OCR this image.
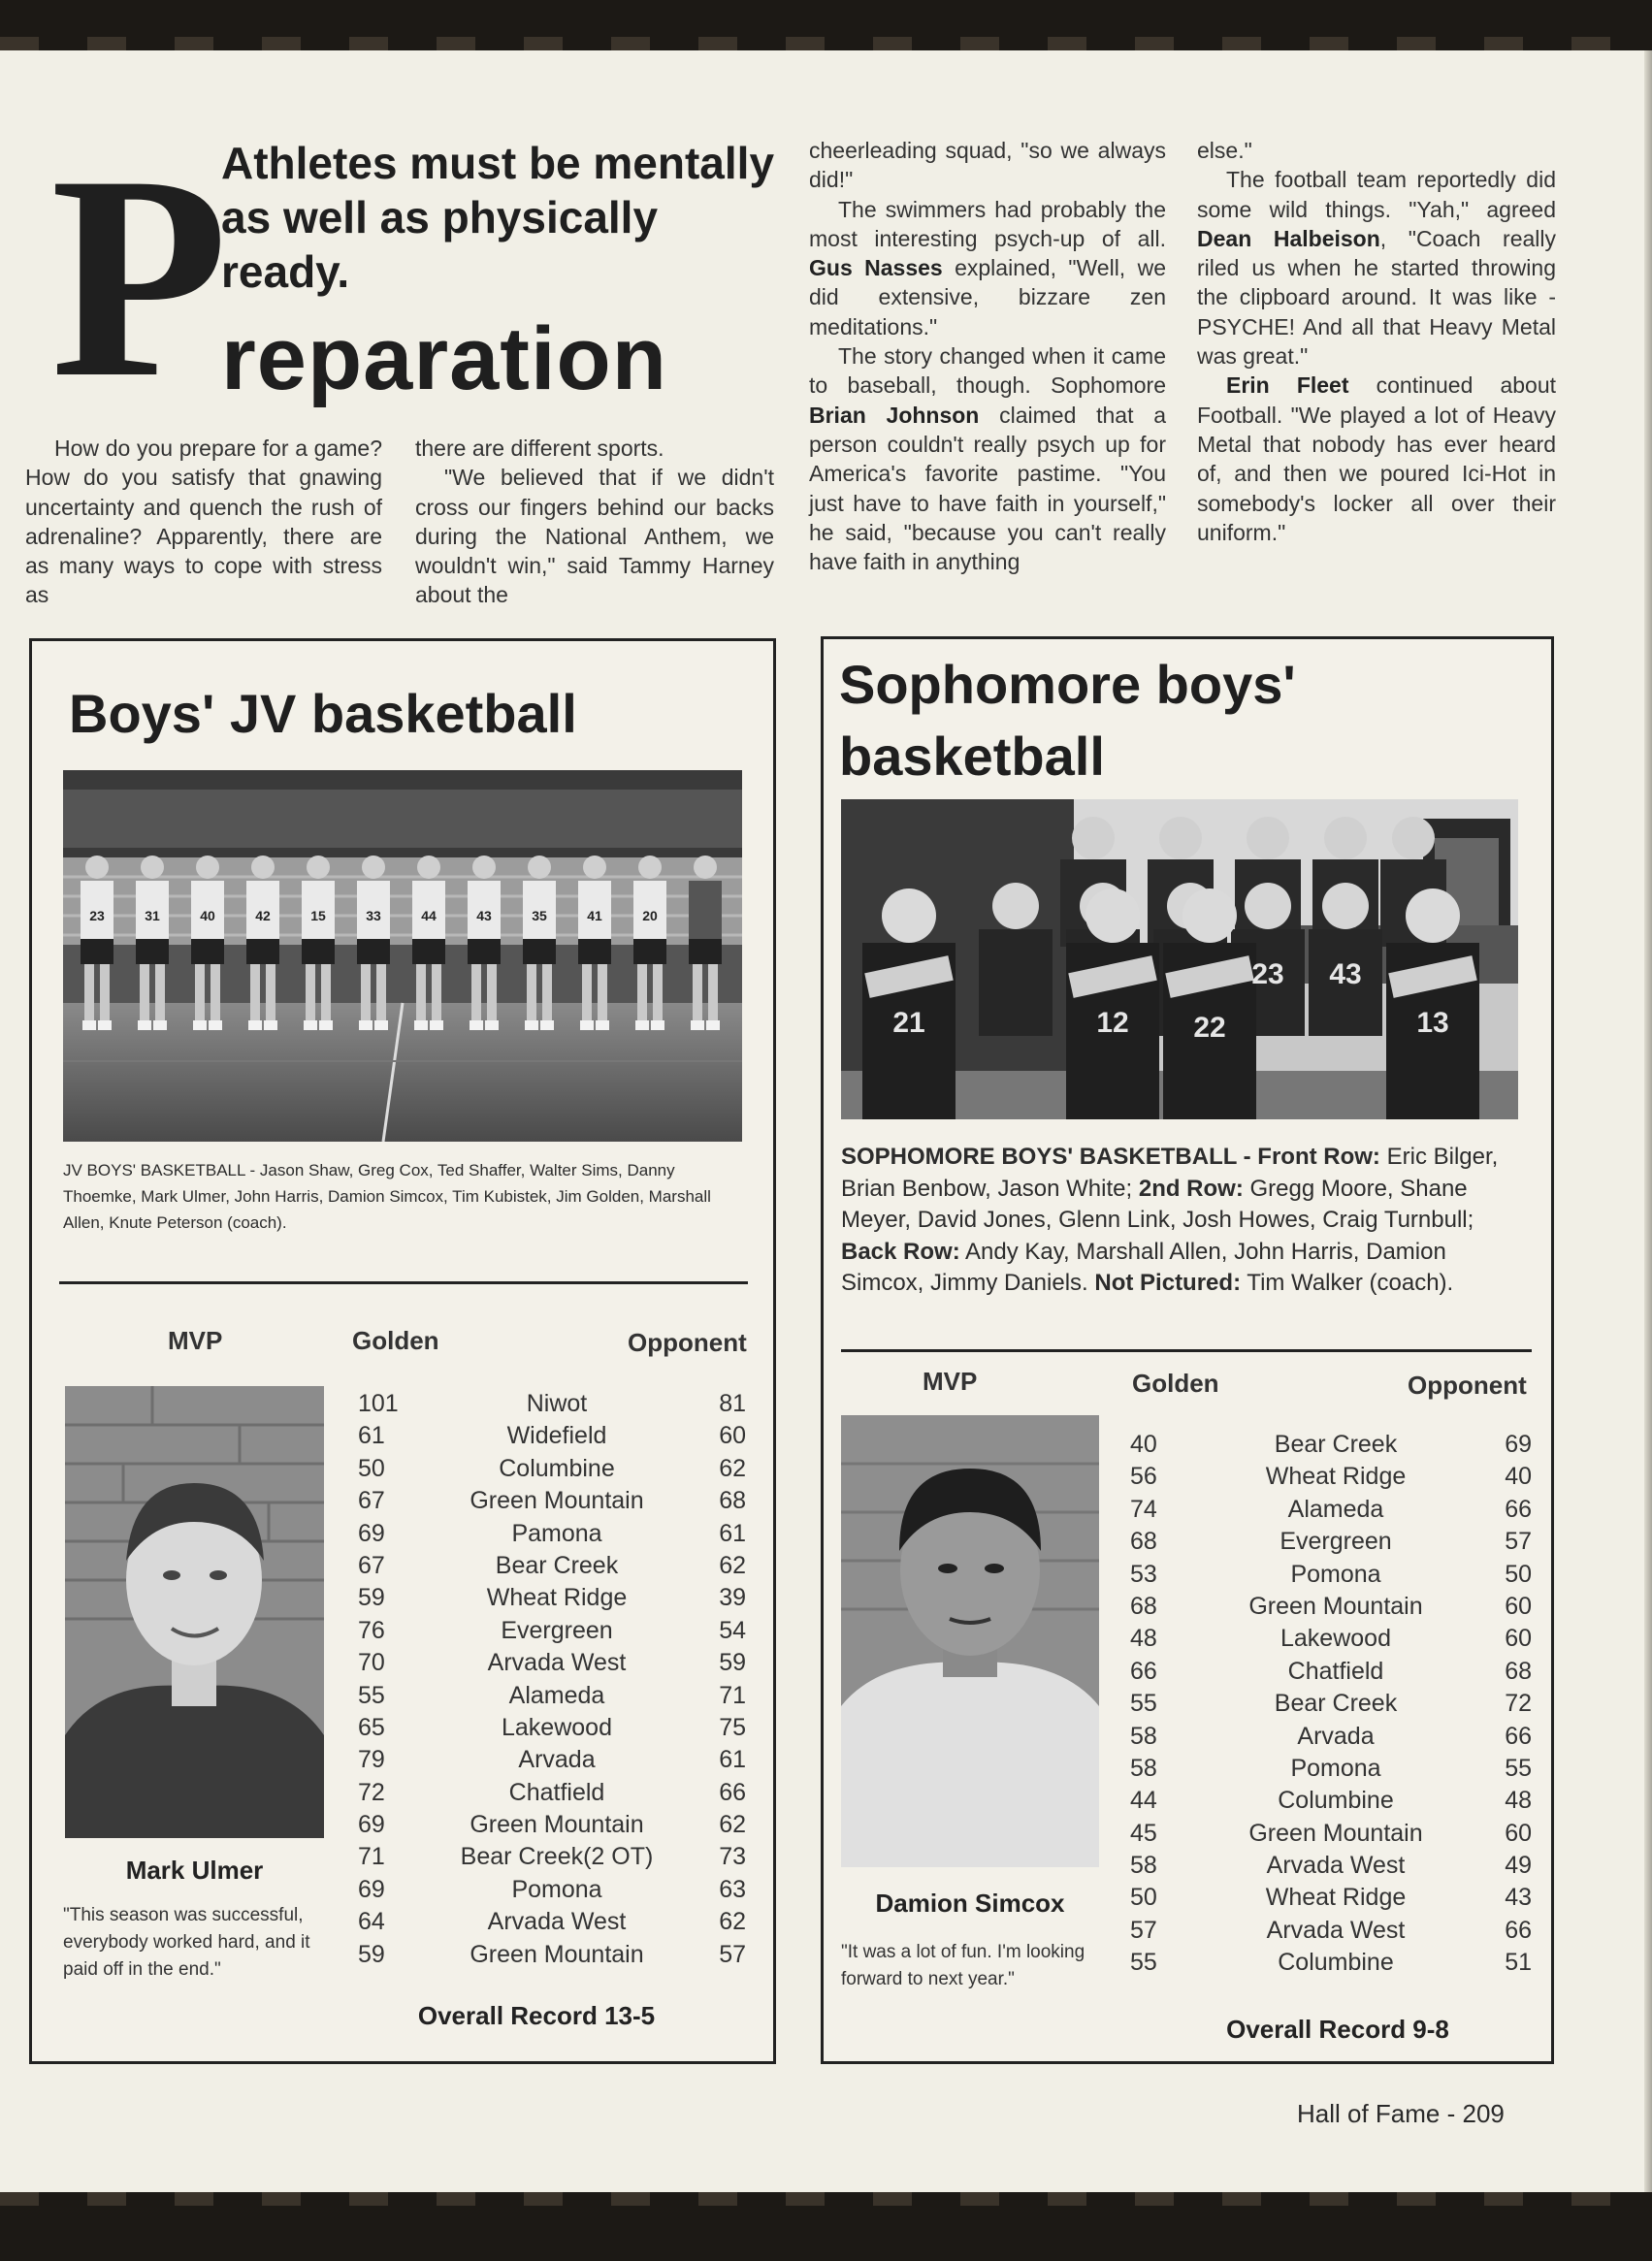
P
Athletes must be mentally as well as physically ready.
reparation

How do you prepare for a game? How do you satisfy that gnawing uncertainty and quench the rush of adrenaline? Apparently, there are as many ways to cope with stress as

there are different sports.

"We believed that if we didn't cross our fingers behind our backs during the National Anthem, we wouldn't win," said Tammy Harney about the

cheerleading squad, "so we always did!"

The swimmers had probably the most interesting psych-up of all. Gus Nasses explained, "Well, we did extensive, bizzare zen meditations."

The story changed when it came to baseball, though. Sophomore Brian Johnson claimed that a person couldn't really psych up for America's favorite pastime. "You just have to have faith in yourself," he said, "because you can't really have faith in anything

else."

The football team reportedly did some wild things. "Yah," agreed Dean Halbeison, "Coach really riled us when he started throwing the clipboard around. It was like - PSYCHE! And all that Heavy Metal was great."

Erin Fleet continued about Football. "We played a lot of Heavy Metal that nobody has ever heard of, and then we poured Ici-Hot in somebody's locker all over their uniform."

Boys' JV basketball
23	31	40	42	15	33	44	43	35	41	20

JV BOYS' BASKETBALL - Jason Shaw, Greg Cox, Ted Shaffer, Walter Sims, Danny Thoemke, Mark Ulmer, John Harris, Damion Simcox, Tim Kubistek, Jim Golden, Marshall Allen, Knute Peterson (coach).

MVP	Golden	Opponent
Mark Ulmer

"This season was successful, everybody worked hard, and it paid off in the end."

101	Niwot	81
61	Widefield	60
50	Columbine	62
67	Green Mountain	68
69	Pamona	61
67	Bear Creek	62
59	Wheat Ridge	39
76	Evergreen	54
70	Arvada West	59
55	Alameda	71
65	Lakewood	75
79	Arvada	61
72	Chatfield	66
69	Green Mountain	62
71	Bear Creek(2 OT)	73
69	Pomona	63
64	Arvada West	62
59	Green Mountain	57
Overall Record 13-5
Sophomore boys' basketball
21	12 22	13
43
23

SOPHOMORE BOYS' BASKETBALL - Front Row: Eric Bilger, Brian Benbow, Jason White; 2nd Row: Gregg Moore, Shane Meyer, David Jones, Glenn Link, Josh Howes, Craig Turnbull; Back Row: Andy Kay, Marshall Allen, John Harris, Damion Simcox, Jimmy Daniels. Not Pictured: Tim Walker (coach).

MVP	Golden	Opponent
Damion Simcox

"It was a lot of fun. I'm looking forward to next year."

40	Bear Creek	69
56	Wheat Ridge	40
74	Alameda	66
68	Evergreen	57
53	Pomona	50
68	Green Mountain	60
48	Lakewood	60
66	Chatfield	68
55	Bear Creek	72
58	Arvada	66
58	Pomona	55
44	Columbine	48
45	Green Mountain	60
58	Arvada West	49
50	Wheat Ridge	43
57	Arvada West	66
55	Columbine	51
Overall Record 9-8
Hall of Fame - 209
